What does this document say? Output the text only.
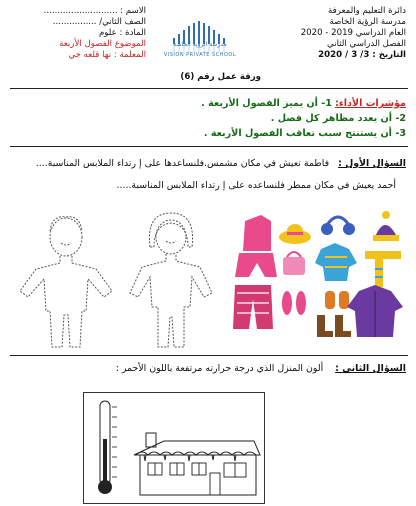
دائرة التعليم والمعرفة
مدرسة الرؤية الخاصة
العام الدراسي 2019 - 2020
الفصل الدراسي الثاني
التاريخ : 3/ 3 / 2020
ورقة عمل رقم (6)
مدرسة الرؤية الخاصة
VISION PRIVATE SCHOOL
الاسم : ...........................
الصف الثاني/ ................
المادة : علوم
الموضوع الفصول الأربعة
المعلمة : نها قلعه جي
مؤشرات الأداء: 1- أن يميز الفصول الأربعة .
2- أن يعدد مظاهر كل فصل .
3- أن يستنتج سبب تعاقب الفصول الأربعة .
السؤال الأول :   فاطمة تعيش في مكان مشمس.فلنساعدها على إ رتداء الملابس المناسبة....
أحمد يعيش في مكان ممطر فلنساعده على إ رتداء الملابس المناسبة.....
السؤال الثاني :    ألون المنزل الذي درجة حرارته مرتفعة باللون الأحمر :
